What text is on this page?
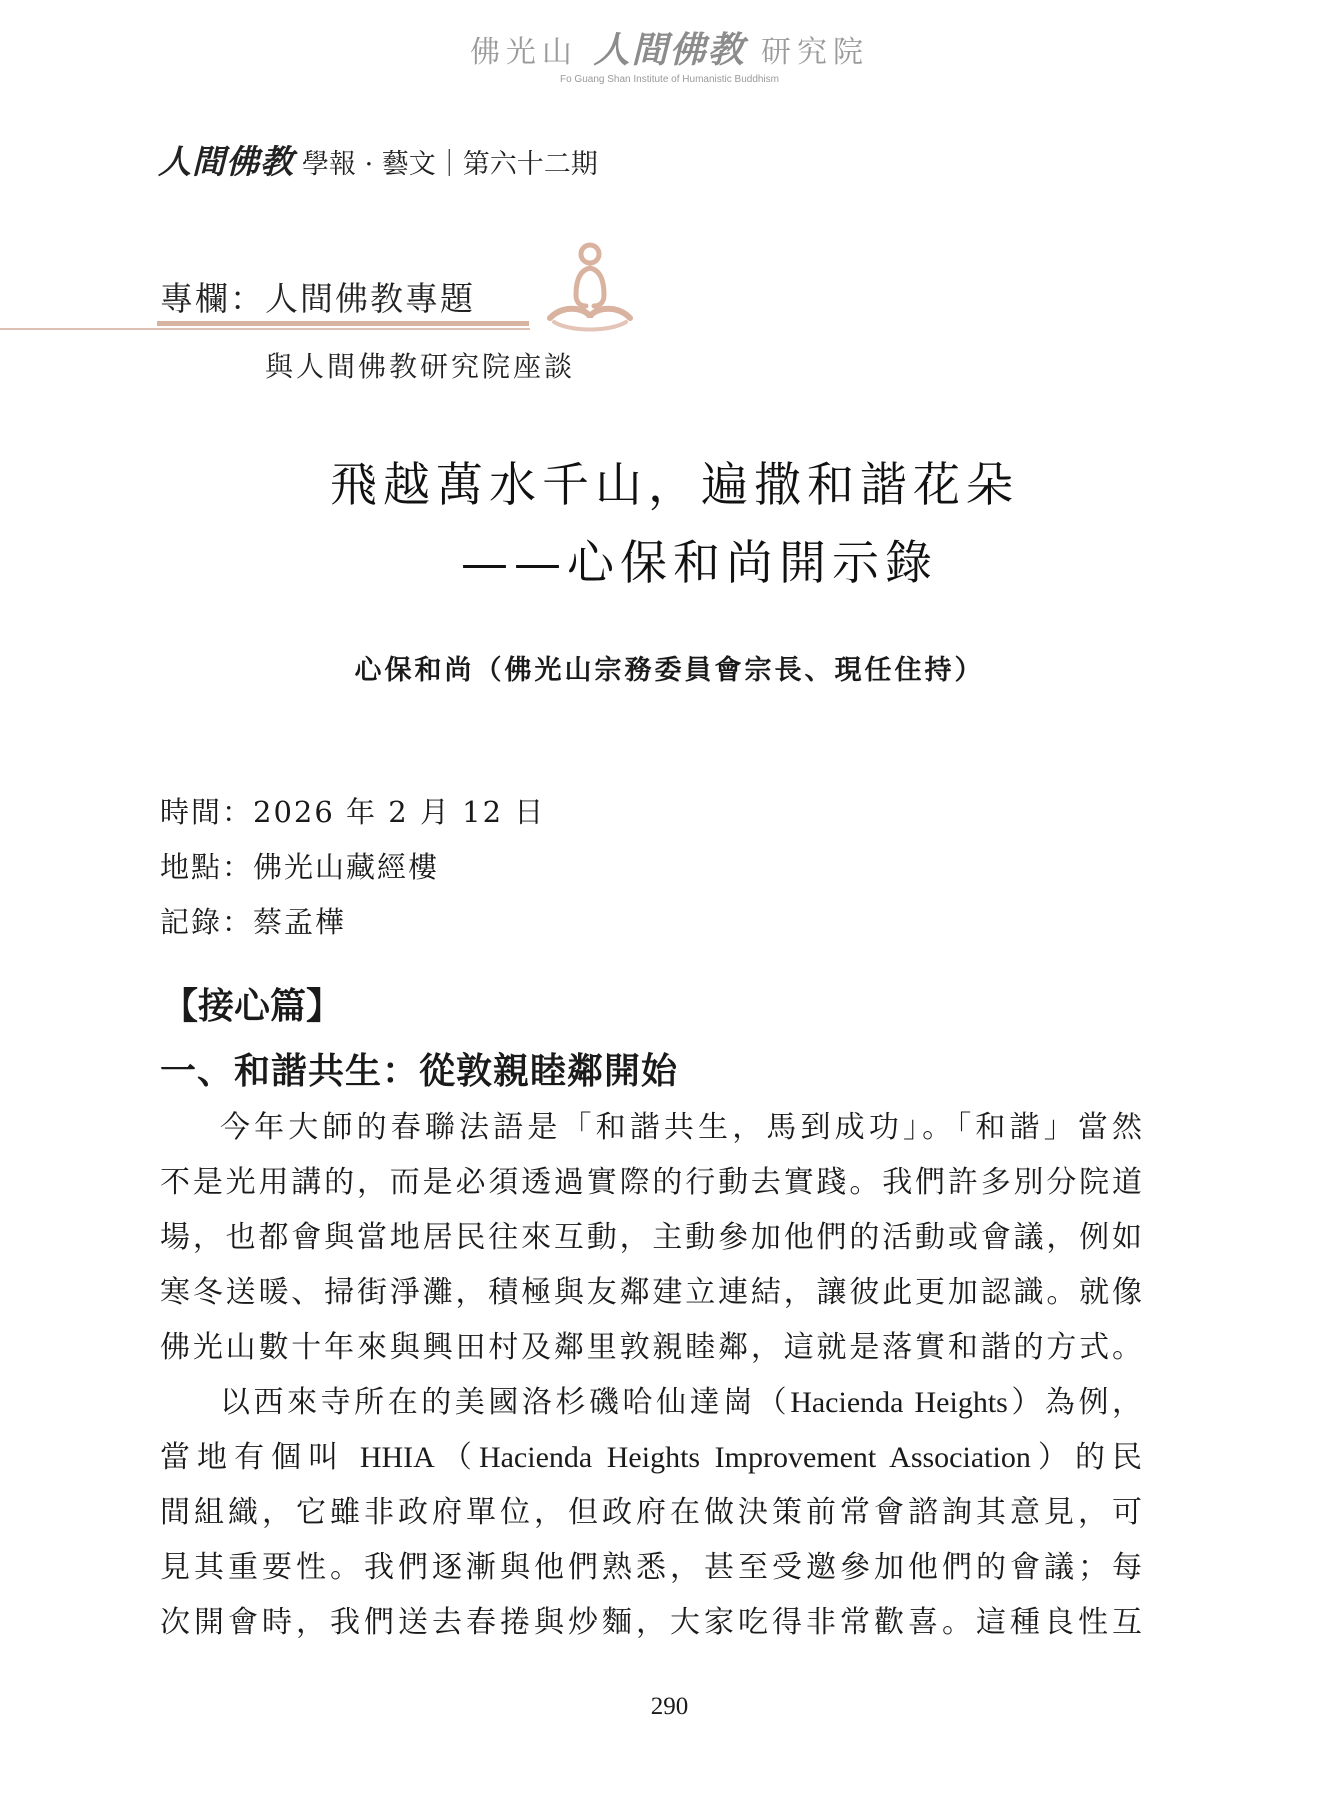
佛光山 人間佛教 研究院
Fo Guang Shan Institute of Humanistic Buddhism
人間佛教 學報 · 藝文｜第六十二期
專欄：人間佛教專題
與人間佛教研究院座談
飛越萬水千山，遍撒和諧花朵
——心保和尚開示錄
心保和尚（佛光山宗務委員會宗長、現任住持）
時間：2026 年 2 月 12 日
地點：佛光山藏經樓
記錄：蔡孟樺
【接心篇】
一、和諧共生：從敦親睦鄰開始
今年大師的春聯法語是「和諧共生，馬到成功」。「和諧」當然
不是光用講的，而是必須透過實際的行動去實踐。我們許多別分院道
場，也都會與當地居民往來互動，主動參加他們的活動或會議，例如
寒冬送暖、掃街淨灘，積極與友鄰建立連結，讓彼此更加認識。就像
佛光山數十年來與興田村及鄰里敦親睦鄰，這就是落實和諧的方式。
以西來寺所在的美國洛杉磯哈仙達崗（Hacienda Heights）為例，
當地有個叫 HHIA（Hacienda Heights Improvement Association）的民
間組織，它雖非政府單位，但政府在做決策前常會諮詢其意見，可
見其重要性。我們逐漸與他們熟悉，甚至受邀參加他們的會議；每
次開會時，我們送去春捲與炒麵，大家吃得非常歡喜。這種良性互
290
